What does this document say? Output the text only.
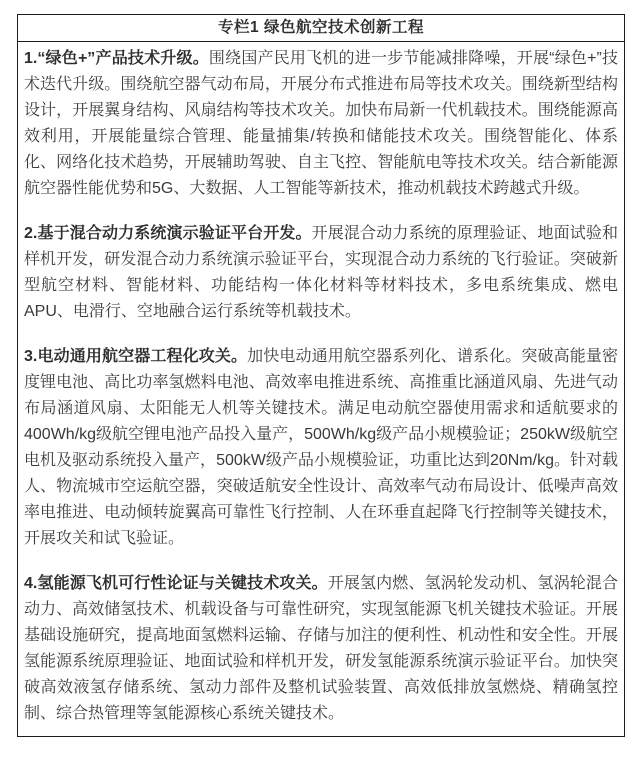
专栏1 绿色航空技术创新工程

1.“绿色+”产品技术升级。围绕国产民用飞机的进一步节能减排降噪，开展“绿色+”技术迭代升级。围绕航空器气动布局，开展分布式推进布局等技术攻关。围绕新型结构设计，开展翼身结构、风扇结构等技术攻关。加快布局新一代机载技术。围绕能源高效利用，开展能量综合管理、能量捕集/转换和储能技术攻关。围绕智能化、体系化、网络化技术趋势，开展辅助驾驶、自主飞控、智能航电等技术攻关。结合新能源航空器性能优势和5G、大数据、人工智能等新技术，推动机载技术跨越式升级。

2.基于混合动力系统演示验证平台开发。开展混合动力系统的原理验证、地面试验和样机开发，研发混合动力系统演示验证平台，实现混合动力系统的飞行验证。突破新型航空材料、智能材料、功能结构一体化材料等材料技术，多电系统集成、燃电APU、电滑行、空地融合运行系统等机载技术。

3.电动通用航空器工程化攻关。加快电动通用航空器系列化、谱系化。突破高能量密度锂电池、高比功率氢燃料电池、高效率电推进系统、高推重比涵道风扇、先进气动布局涵道风扇、太阳能无人机等关键技术。满足电动航空器使用需求和适航要求的400Wh/kg级航空锂电池产品投入量产，500Wh/kg级产品小规模验证；250kW级航空电机及驱动系统投入量产，500kW级产品小规模验证，功重比达到20Nm/kg。针对载人、物流城市空运航空器，突破适航安全性设计、高效率气动布局设计、低噪声高效率电推进、电动倾转旋翼高可靠性飞行控制、人在环垂直起降飞行控制等关键技术，开展攻关和试飞验证。

4.氢能源飞机可行性论证与关键技术攻关。开展氢内燃、氢涡轮发动机、氢涡轮混合动力、高效储氢技术、机载设备与可靠性研究，实现氢能源飞机关键技术验证。开展基础设施研究，提高地面氢燃料运输、存储与加注的便利性、机动性和安全性。开展氢能源系统原理验证、地面试验和样机开发，研发氢能源系统演示验证平台。加快突破高效液氢存储系统、氢动力部件及整机试验装置、高效低排放氢燃烧、精确氢控制、综合热管理等氢能源核心系统关键技术。
